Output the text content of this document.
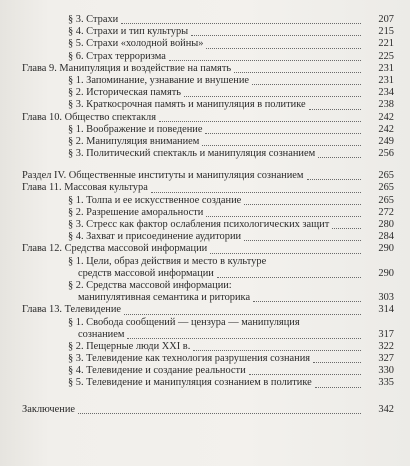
§ 3. Страхи	207
§ 4. Страхи и тип культуры	215
§ 5. Страхи «холодной войны»	221
§ 6. Страх терроризма	225
Глава 9. Манипуляция и воздействие на память	231
§ 1. Запоминание, узнавание и внушение	231
§ 2. Историческая память	234
§ 3. Краткосрочная память и манипуляция в политике	238
Глава 10. Общество спектакля	242
§ 1. Воображение и поведение	242
§ 2. Манипуляция вниманием	249
§ 3. Политический спектакль и манипуляция сознанием	256
Раздел IV. Общественные институты и манипуляция сознанием	265
Глава 11. Массовая культура	265
§ 1. Толпа и ее искусственное создание	265
§ 2. Разрешение аморальности	272
§ 3. Стресс как фактор ослабления психологических защит	280
§ 4. Захват и присоединение аудитории	284
Глава 12. Средства массовой информации	290
§ 1. Цели, образ действия и место в культуре
средств массовой информации	290
§ 2. Средства массовой информации:
манипулятивная семантика и риторика	303
Глава 13. Телевидение	314
§ 1. Свобода сообщений — цензура — манипуляция
сознанием	317
§ 2. Пещерные люди XXI в.	322
§ 3. Телевидение как технология разрушения сознания	327
§ 4. Телевидение и создание реальности	330
§ 5. Телевидение и манипуляция сознанием в политике	335
Заключение	342
